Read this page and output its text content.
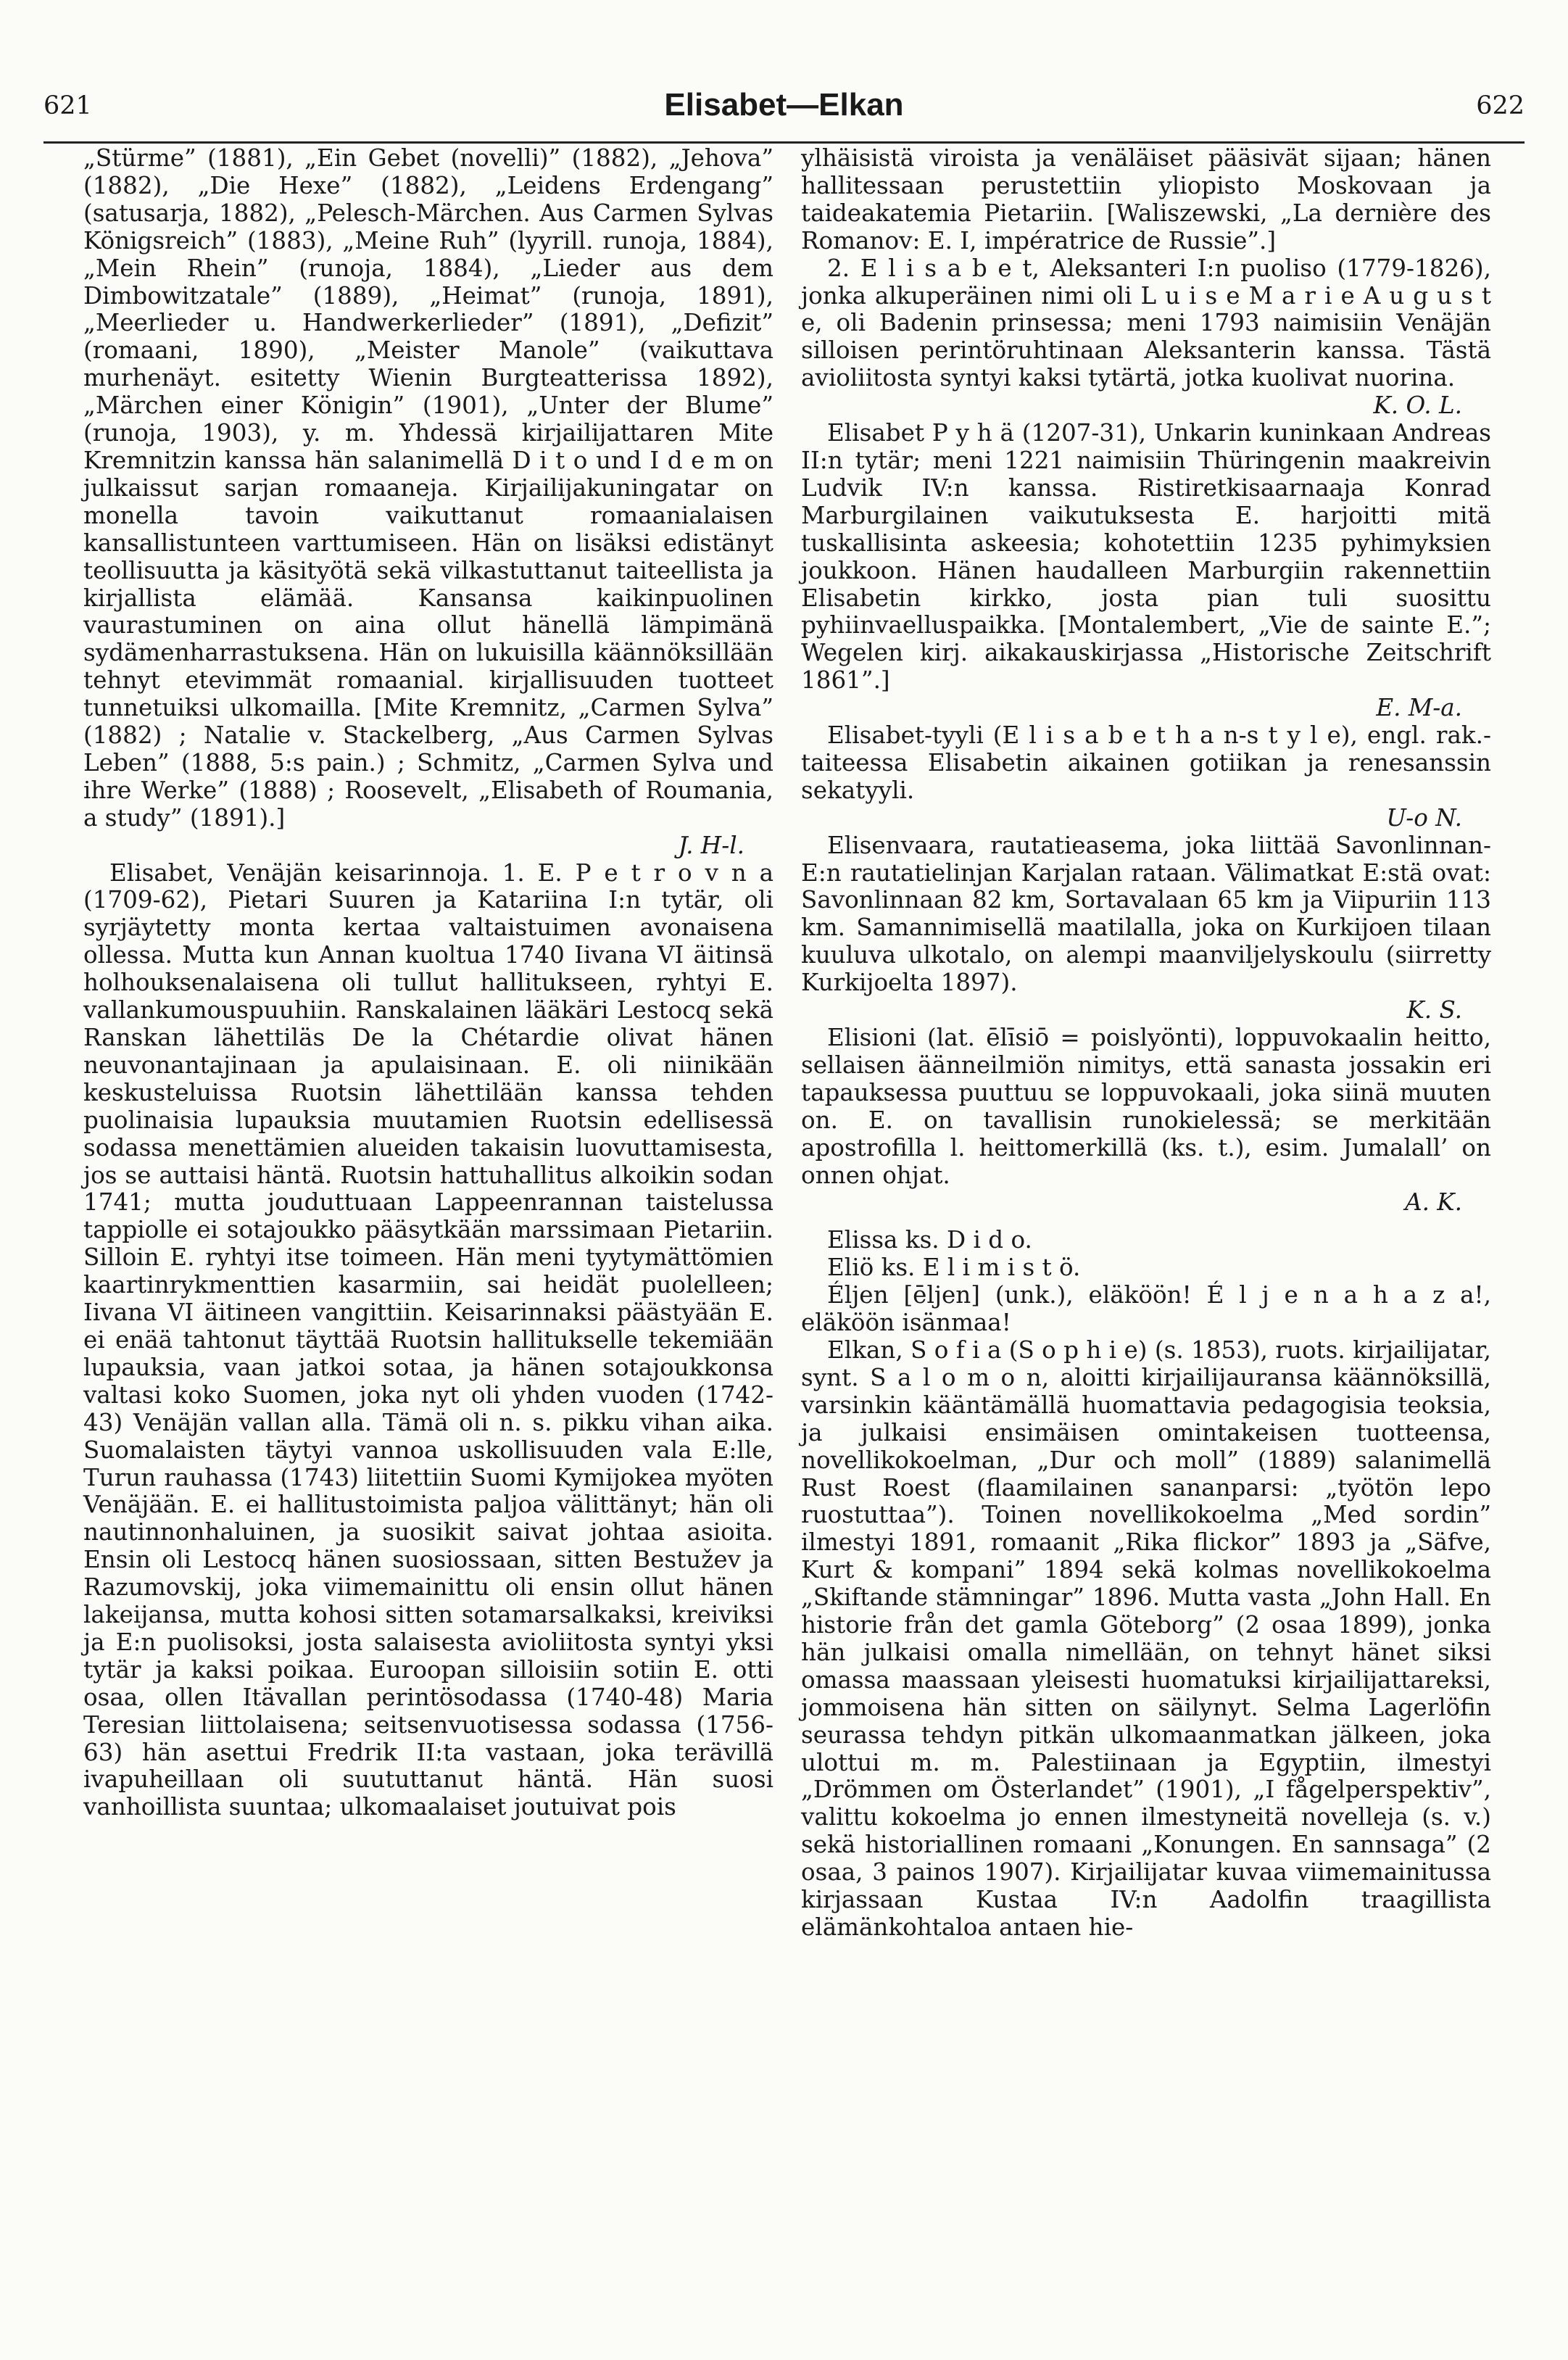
621	Elisabet—Elkan	622

„Stürme” (1881), „Ein Gebet (novelli)” (1882), „Jehova” (1882), „Die Hexe” (1882), „Leidens Erdengang” (satusarja, 1882), „Pelesch-Märchen. Aus Carmen Sylvas Königsreich” (1883), „Meine Ruh” (lyyrill. runoja, 1884), „Mein Rhein” (runoja, 1884), „Lieder aus dem Dimbowitzatale” (1889), „Heimat” (runoja, 1891), „Meerlieder u. Handwerkerlieder” (1891), „Defizit” (romaani, 1890), „Meister Manole” (vaikuttava murhenäyt. esitetty Wienin Burgteatterissa 1892), „Märchen einer Königin” (1901), „Unter der Blume” (runoja, 1903), y. m. Yhdessä kirjailijattaren Mite Kremnitzin kanssa hän salanimellä D i t o und I d e m on julkaissut sarjan romaaneja. Kirjailijakuningatar on monella tavoin vaikuttanut romaanialaisen kansallistunteen varttumiseen. Hän on lisäksi edistänyt teollisuutta ja käsityötä sekä vilkastuttanut taiteellista ja kirjallista elämää. Kansansa kaikinpuolinen vaurastuminen on aina ollut hänellä lämpimänä sydämenharrastuksena. Hän on lukuisilla käännöksillään tehnyt etevimmät romaanial. kirjallisuuden tuotteet tunnetuiksi ulkomailla. [Mite Kremnitz, „Carmen Sylva” (1882) ; Natalie v. Stackelberg, „Aus Carmen Sylvas Leben” (1888, 5:s pain.) ; Schmitz, „Carmen Sylva und ihre Werke” (1888) ; Roosevelt, „Elisabeth of Roumania, a study” (1891).]

J. H-l.

Elisabet, Venäjän keisarinnoja. 1. E. P e t r o v n a (1709-62), Pietari Suuren ja Katariina I:n tytär, oli syrjäytetty monta kertaa valtaistuimen avonaisena ollessa. Mutta kun Annan kuoltua 1740 Iivana VI äitinsä holhouksenalaisena oli tullut hallitukseen, ryhtyi E. vallankumouspuuhiin. Ranskalainen lääkäri Lestocq sekä Ranskan lähettiläs De la Chétardie olivat hänen neuvonantajinaan ja apulaisinaan. E. oli niinikään keskusteluissa Ruotsin lähettilään kanssa tehden puolinaisia lupauksia muutamien Ruotsin edellisessä sodassa menettämien alueiden takaisin luovuttamisesta, jos se auttaisi häntä. Ruotsin hattuhallitus alkoikin sodan 1741; mutta jouduttuaan Lappeenrannan taistelussa tappiolle ei sotajoukko pääsytkään marssimaan Pietariin. Silloin E. ryhtyi itse toimeen. Hän meni tyytymättömien kaartinrykmenttien kasarmiin, sai heidät puolelleen; Iivana VI äitineen vangittiin. Keisarinnaksi päästyään E. ei enää tahtonut täyttää Ruotsin hallitukselle tekemiään lupauksia, vaan jatkoi sotaa, ja hänen sotajoukkonsa valtasi koko Suomen, joka nyt oli yhden vuoden (1742-43) Venäjän vallan alla. Tämä oli n. s. pikku vihan aika. Suomalaisten täytyi vannoa uskollisuuden vala E:lle, Turun rauhassa (1743) liitettiin Suomi Kymijokea myöten Venäjään. E. ei hallitustoimista paljoa välittänyt; hän oli nautinnonhaluinen, ja suosikit saivat johtaa asioita. Ensin oli Lestocq hänen suosiossaan, sitten Bestužev ja Razumovskij, joka viimemainittu oli ensin ollut hänen lakeijansa, mutta kohosi sitten sotamarsalkaksi, kreiviksi ja E:n puolisoksi, josta salaisesta avioliitosta syntyi yksi tytär ja kaksi poikaa. Euroopan silloisiin sotiin E. otti osaa, ollen Itävallan perintösodassa (1740-48) Maria Teresian liittolaisena; seitsenvuotisessa sodassa (1756-63) hän asettui Fredrik II:ta vastaan, joka terävillä ivapuheillaan oli suututtanut häntä. Hän suosi vanhoillista suuntaa; ulkomaalaiset joutuivat pois

ylhäisistä viroista ja venäläiset pääsivät sijaan; hänen hallitessaan perustettiin yliopisto Moskovaan ja taideakatemia Pietariin. [Waliszewski, „La dernière des Romanov: E. I, impératrice de Russie”.]

2. E l i s a b e t, Aleksanteri I:n puoliso (1779-1826), jonka alkuperäinen nimi oli L u i s e M a r i e A u g u s t e, oli Badenin prinsessa; meni 1793 naimisiin Venäjän silloisen perintöruhtinaan Aleksanterin kanssa. Tästä avioliitosta syntyi kaksi tytärtä, jotka kuolivat nuorina.

K. O. L.

Elisabet P y h ä (1207-31), Unkarin kuninkaan Andreas II:n tytär; meni 1221 naimisiin Thüringenin maakreivin Ludvik IV:n kanssa. Ristiretkisaarnaaja Konrad Marburgilainen vaikutuksesta E. harjoitti mitä tuskallisinta askeesia; kohotettiin 1235 pyhimyksien joukkoon. Hänen haudalleen Marburgiin rakennettiin Elisabetin kirkko, josta pian tuli suosittu pyhiinvaelluspaikka. [Montalembert, „Vie de sainte E.”; Wegelen kirj. aikakauskirjassa „Historische Zeitschrift 1861”.]

E. M-a.

Elisabet-tyyli (E l i s a b e t h a n-s t y l e), engl. rak.-taiteessa Elisabetin aikainen gotiikan ja renesanssin sekatyyli.

U-o N.

Elisenvaara, rautatieasema, joka liittää Savonlinnan-E:n rautatielinjan Karjalan rataan. Välimatkat E:stä ovat: Savonlinnaan 82 km, Sortavalaan 65 km ja Viipuriin 113 km. Samannimisellä maatilalla, joka on Kurkijoen tilaan kuuluva ulkotalo, on alempi maanviljelyskoulu (siirretty Kurkijoelta 1897).

K. S.

Elisioni (lat. ēlīsiō = poislyönti), loppuvokaalin heitto, sellaisen äänneilmiön nimitys, että sanasta jossakin eri tapauksessa puuttuu se loppuvokaali, joka siinä muuten on. E. on tavallisin runokielessä; se merkitään apostrofilla l. heittomerkillä (ks. t.), esim. Jumalall’ on onnen ohjat.

A. K.

Elissa ks. D i d o.

Eliö ks. E l i m i s t ö.

Éljen [ēljen] (unk.), eläköön! É l j e n a h a z a!, eläköön isänmaa!

Elkan, S o f i a (S o p h i e) (s. 1853), ruots. kirjailijatar, synt. S a l o m o n, aloitti kirjailijauransa käännöksillä, varsinkin kääntämällä huomattavia pedagogisia teoksia, ja julkaisi ensimäisen omintakeisen tuotteensa, novellikokoelman, „Dur och moll” (1889) salanimellä Rust Roest (flaamilainen sananparsi: „työtön lepo ruostuttaa”). Toinen novellikokoelma „Med sordin” ilmestyi 1891, romaanit „Rika flickor” 1893 ja „Säfve, Kurt & kompani” 1894 sekä kolmas novellikokoelma „Skiftande stämningar” 1896. Mutta vasta „John Hall. En historie från det gamla Göteborg” (2 osaa 1899), jonka hän julkaisi omalla nimellään, on tehnyt hänet siksi omassa maassaan yleisesti huomatuksi kirjailijattareksi, jommoisena hän sitten on säilynyt. Selma Lagerlöfin seurassa tehdyn pitkän ulkomaanmatkan jälkeen, joka ulottui m. m. Palestiinaan ja Egyptiin, ilmestyi „Drömmen om Österlandet” (1901), „I fågelperspektiv”, valittu kokoelma jo ennen ilmestyneitä novelleja (s. v.) sekä historiallinen romaani „Konungen. En sannsaga” (2 osaa, 3 painos 1907). Kirjailijatar kuvaa viimemainitussa kirjassaan Kustaa IV:n Aadolfin traagillista elämänkohtaloa antaen hie-
